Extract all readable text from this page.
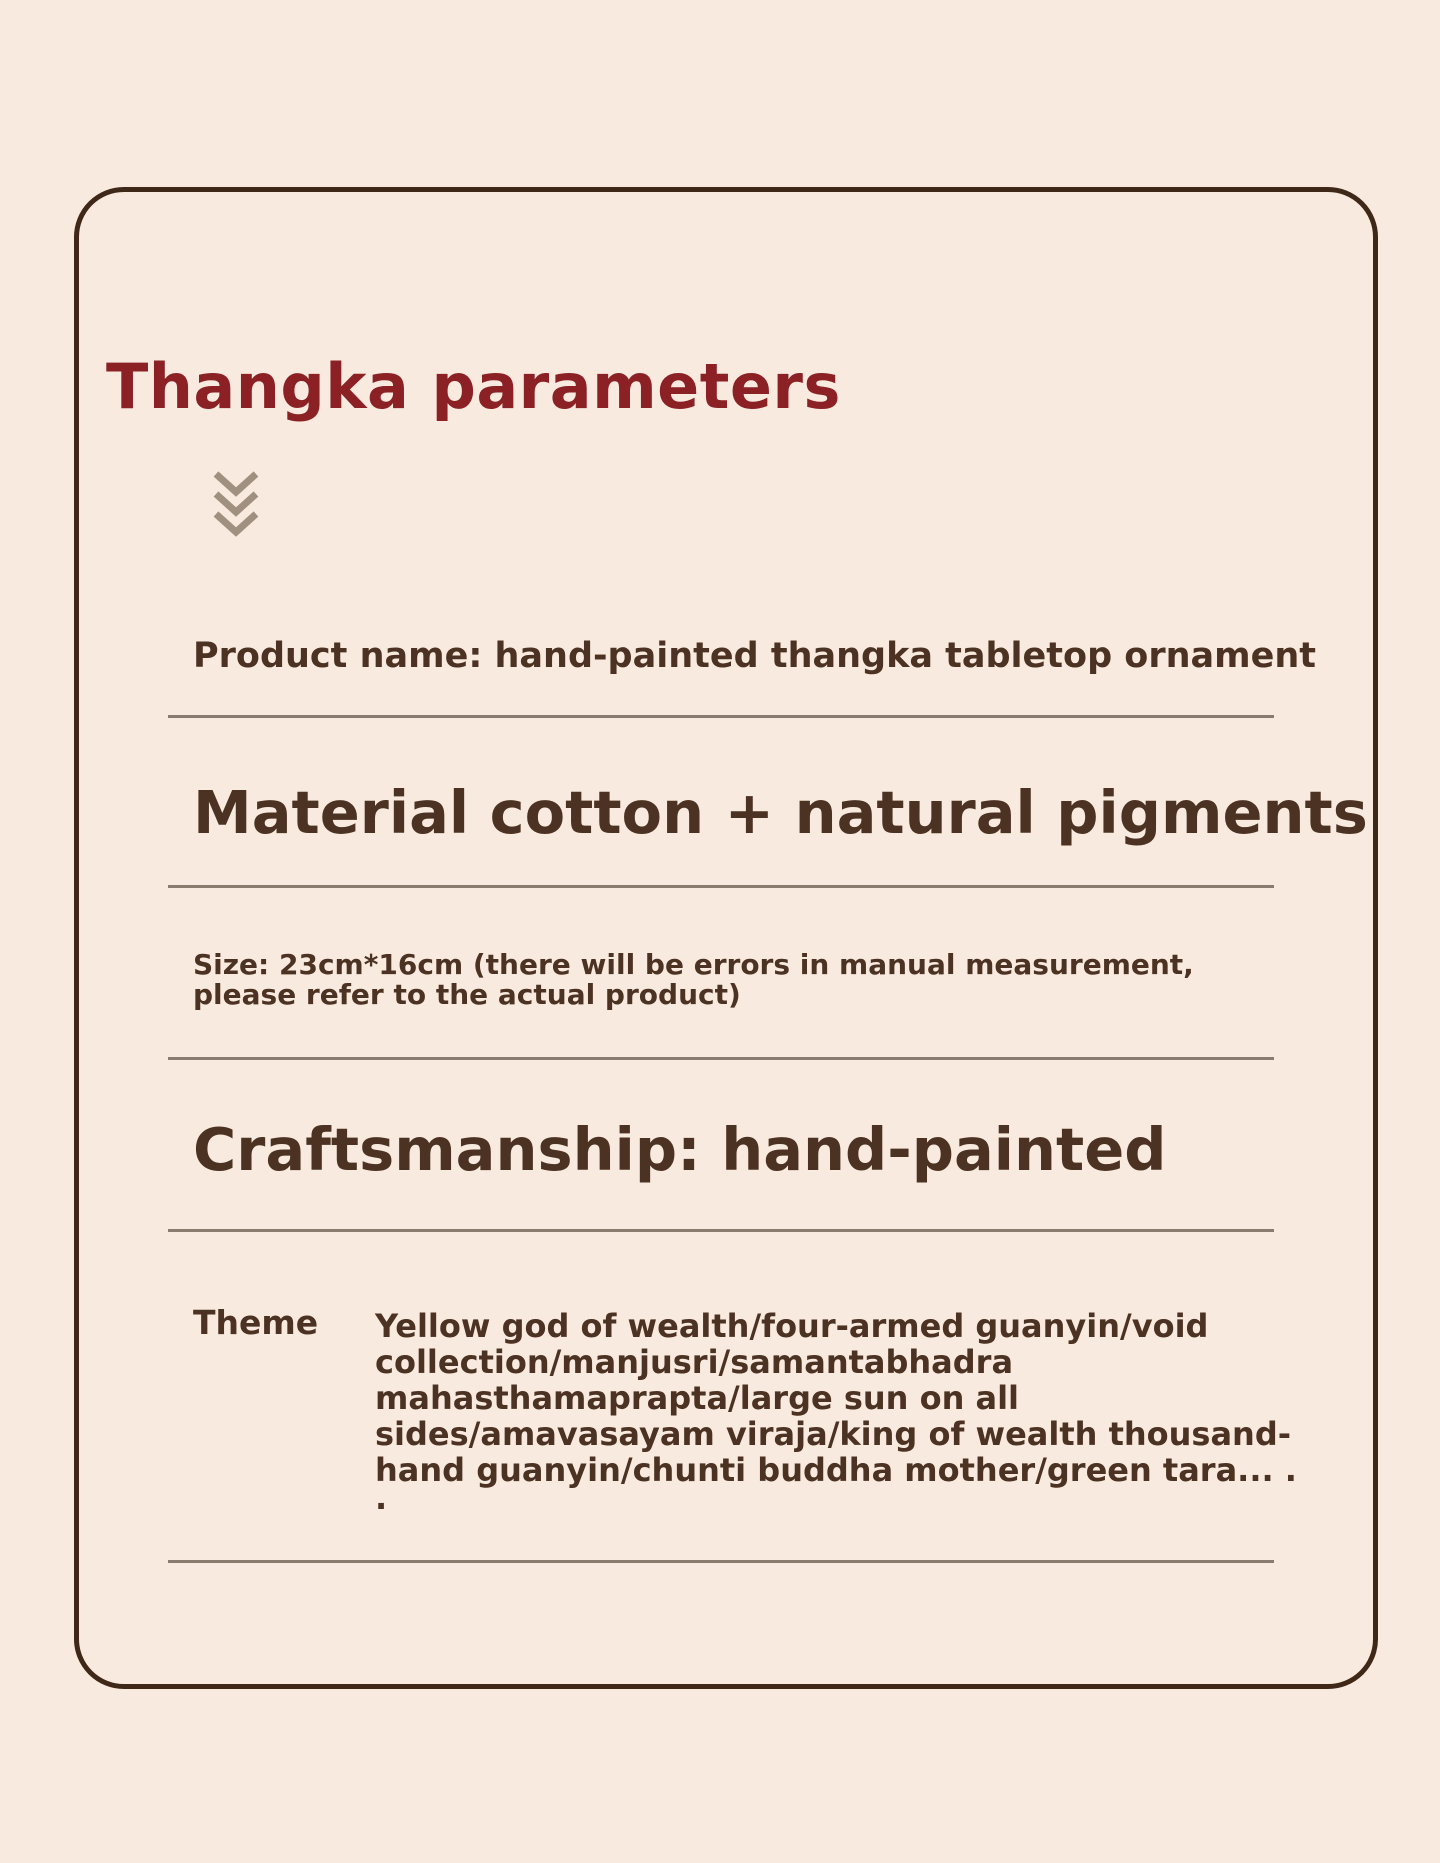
Thangka parameters

Product name: hand-painted thangka tabletop ornament

Material cotton + natural pigments

Size: 23cm*16cm (there will be errors in manual measurement, please refer to the actual product)

Craftsmanship: hand-painted

Theme Yellow god of wealth/four-armed guanyin/void collection/manjusri/samantabhadra mahasthamaprapta/large sun on all sides/amavasayam viraja/king of wealth thousand-hand guanyin/chunti buddha mother/green tara... . ·
